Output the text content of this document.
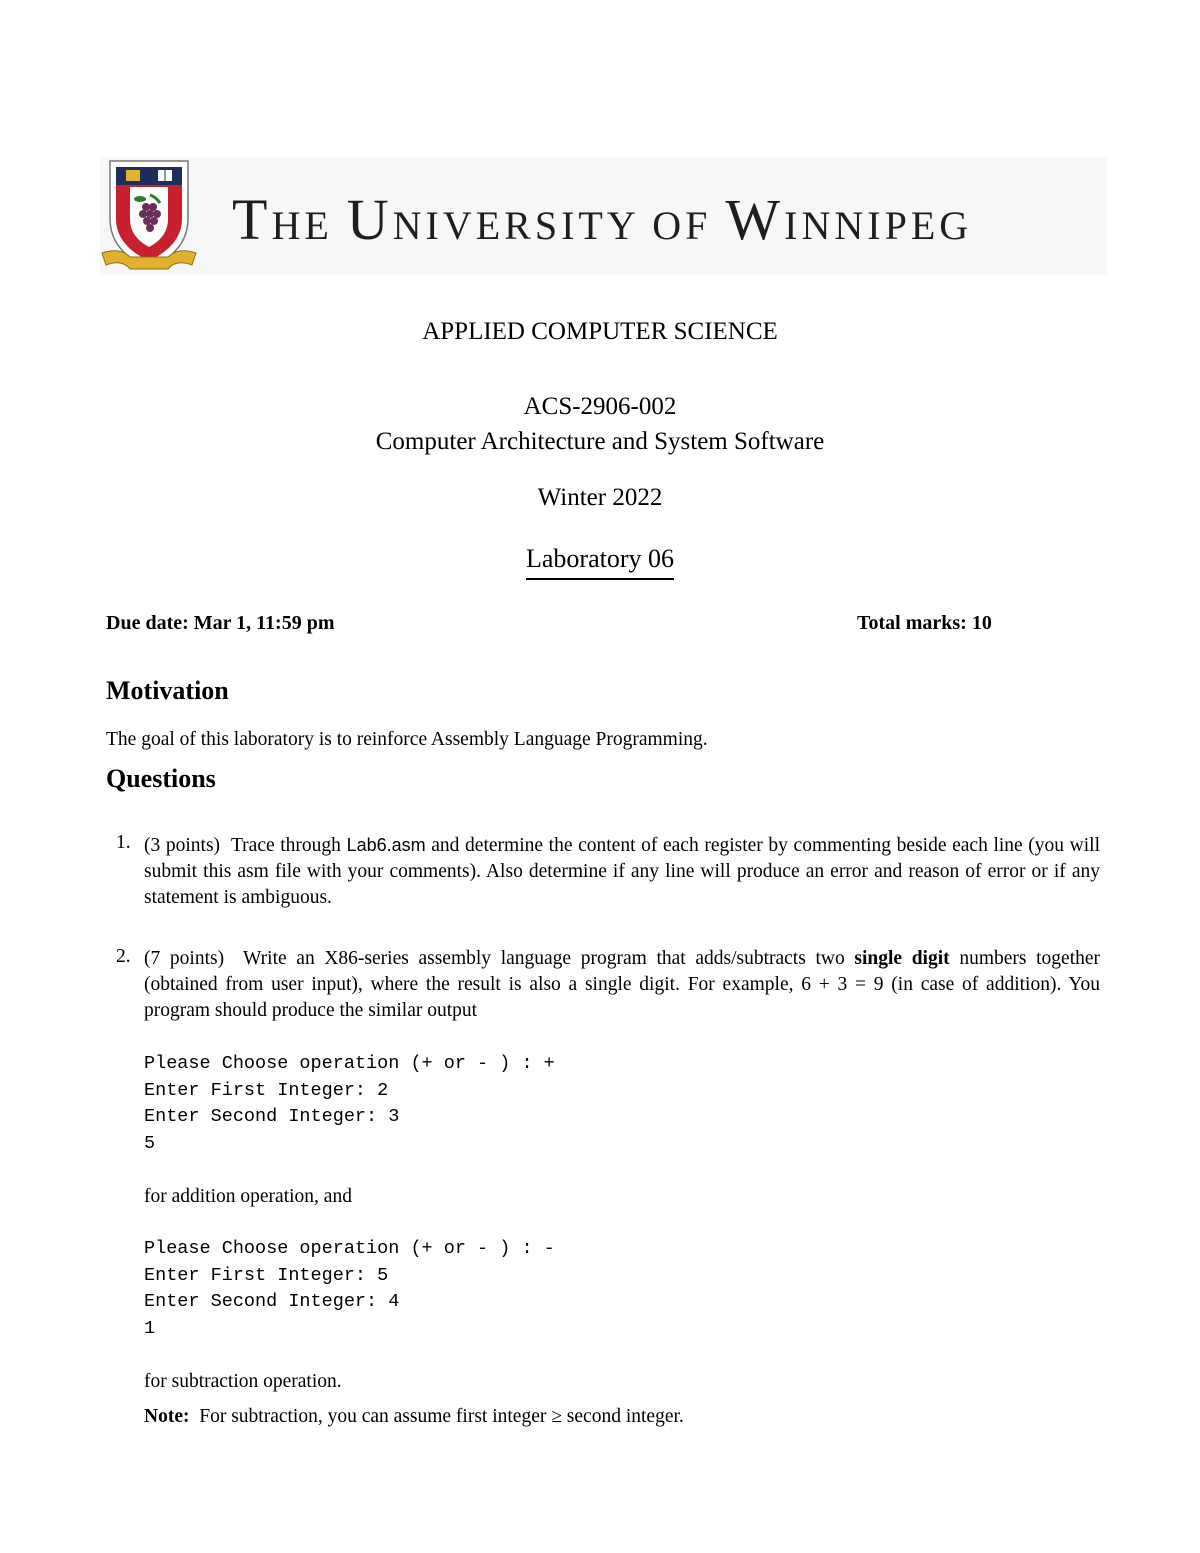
THE UNIVERSITY OF WINNIPEG
APPLIED COMPUTER SCIENCE
ACS-2906-002
Computer Architecture and System Software
Winter 2022
Laboratory 06
Due date: Mar 1, 11:59 pm	Total marks: 10
Motivation
The goal of this laboratory is to reinforce Assembly Language Programming.
Questions
1. (3 points) Trace through Lab6.asm and determine the content of each register by commenting beside each line (you will submit this asm file with your comments). Also determine if any line will produce an error and reason of error or if any statement is ambiguous.
2. (7 points) Write an X86-series assembly language program that adds/subtracts two single digit numbers together (obtained from user input), where the result is also a single digit. For example, 6 + 3 = 9 (in case of addition). You program should produce the similar output
Please Choose operation (+ or - ) : +
Enter First Integer: 2
Enter Second Integer: 3
5
for addition operation, and
Please Choose operation (+ or - ) : -
Enter First Integer: 5
Enter Second Integer: 4
1
for subtraction operation.
Note: For subtraction, you can assume first integer ≥ second integer.
